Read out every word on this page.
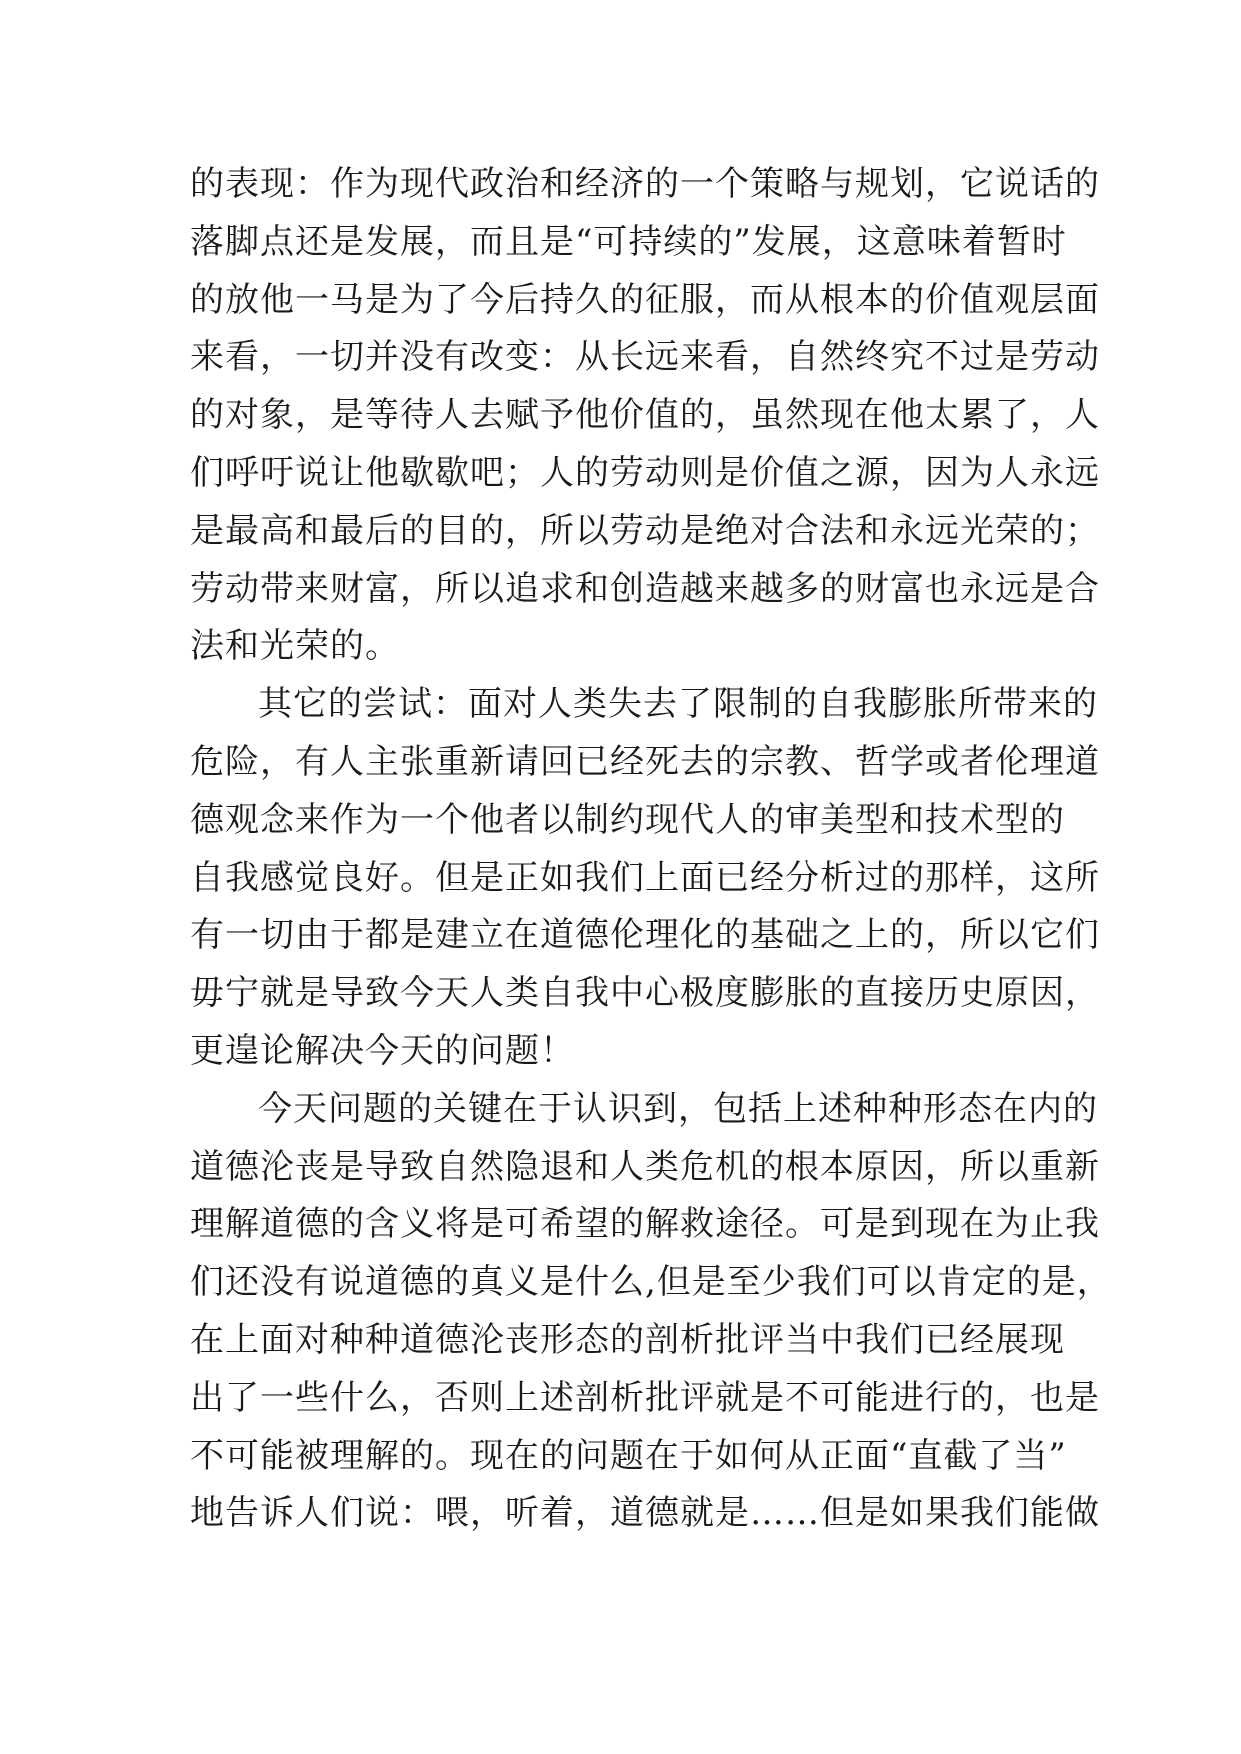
的表现：作为现代政治和经济的一个策略与规划，它说话的
落脚点还是发展，而且是“可持续的”发展，这意味着暂时
的放他一马是为了今后持久的征服，而从根本的价值观层面
来看，一切并没有改变：从长远来看，自然终究不过是劳动
的对象，是等待人去赋予他价值的，虽然现在他太累了，人
们呼吁说让他歇歇吧；人的劳动则是价值之源，因为人永远
是最高和最后的目的，所以劳动是绝对合法和永远光荣的；
劳动带来财富，所以追求和创造越来越多的财富也永远是合
法和光荣的。
其它的尝试：面对人类失去了限制的自我膨胀所带来的
危险，有人主张重新请回已经死去的宗教、哲学或者伦理道
德观念来作为一个他者以制约现代人的审美型和技术型的
自我感觉良好。但是正如我们上面已经分析过的那样，这所
有一切由于都是建立在道德伦理化的基础之上的，所以它们
毋宁就是导致今天人类自我中心极度膨胀的直接历史原因，
更遑论解决今天的问题！
今天问题的关键在于认识到，包括上述种种形态在内的
道德沦丧是导致自然隐退和人类危机的根本原因，所以重新
理解道德的含义将是可希望的解救途径。可是到现在为止我
们还没有说道德的真义是什么,但是至少我们可以肯定的是，
在上面对种种道德沦丧形态的剖析批评当中我们已经展现
出了一些什么，否则上述剖析批评就是不可能进行的，也是
不可能被理解的。现在的问题在于如何从正面“直截了当”
地告诉人们说：喂，听着，道德就是……但是如果我们能做
